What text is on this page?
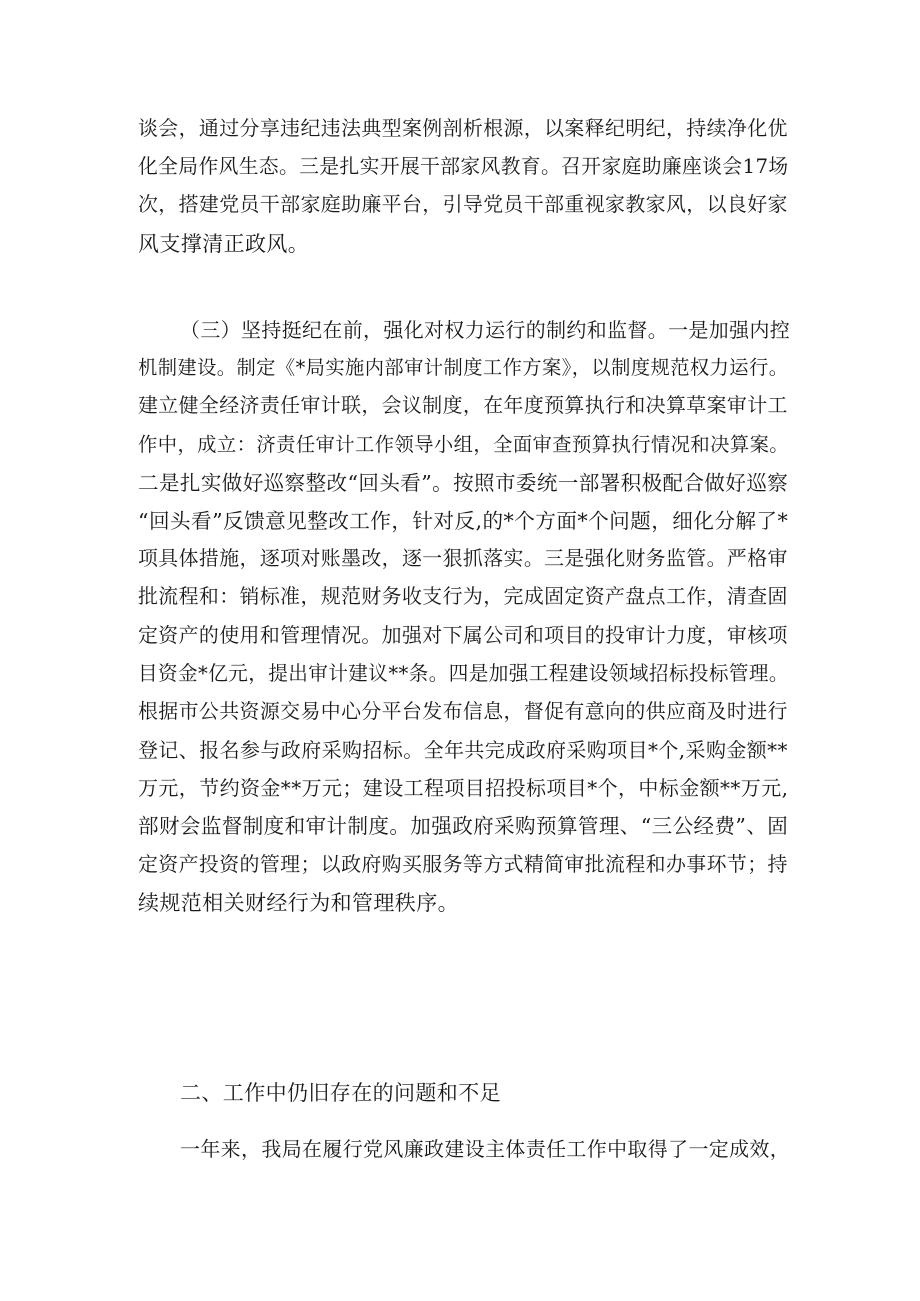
谈会，通过分享违纪违法典型案例剖析根源，以案释纪明纪，持续净化优
化全局作风生态。三是扎实开展干部家风教育。召开家庭助廉座谈会17场
次，搭建党员干部家庭助廉平台，引导党员干部重视家教家风，以良好家
风支撑清正政风。
（三）坚持挺纪在前，强化对权力运行的制约和监督。一是加强内控
机制建设。制定《*局实施内部审计制度工作方案》，以制度规范权力运行。
建立健全经济责任审计联，会议制度，在年度预算执行和决算草案审计工
作中，成立：济责任审计工作领导小组，全面审查预算执行情况和决算案。
二是扎实做好巡察整改“回头看”。按照市委统一部署积极配合做好巡察
“回头看”反馈意见整改工作，针对反,的*个方面*个问题，细化分解了*
项具体措施，逐项对账墨改，逐一狠抓落实。三是强化财务监管。严格审
批流程和：销标准，规范财务收支行为，完成固定资产盘点工作，清查固
定资产的使用和管理情况。加强对下属公司和项目的投审计力度，审核项
目资金*亿元，提出审计建议**条。四是加强工程建设领域招标投标管理。
根据市公共资源交易中心分平台发布信息，督促有意向的供应商及时进行
登记、报名参与政府采购招标。全年共完成政府采购项目*个,采购金额**
万元，节约资金**万元；建设工程项目招投标项目*个，中标金额**万元,
部财会监督制度和审计制度。加强政府采购预算管理、“三公经费”、固
定资产投资的管理；以政府购买服务等方式精简审批流程和办事环节；持
续规范相关财经行为和管理秩序。
二、工作中仍旧存在的问题和不足
一年来，我局在履行党风廉政建设主体责任工作中取得了一定成效，
